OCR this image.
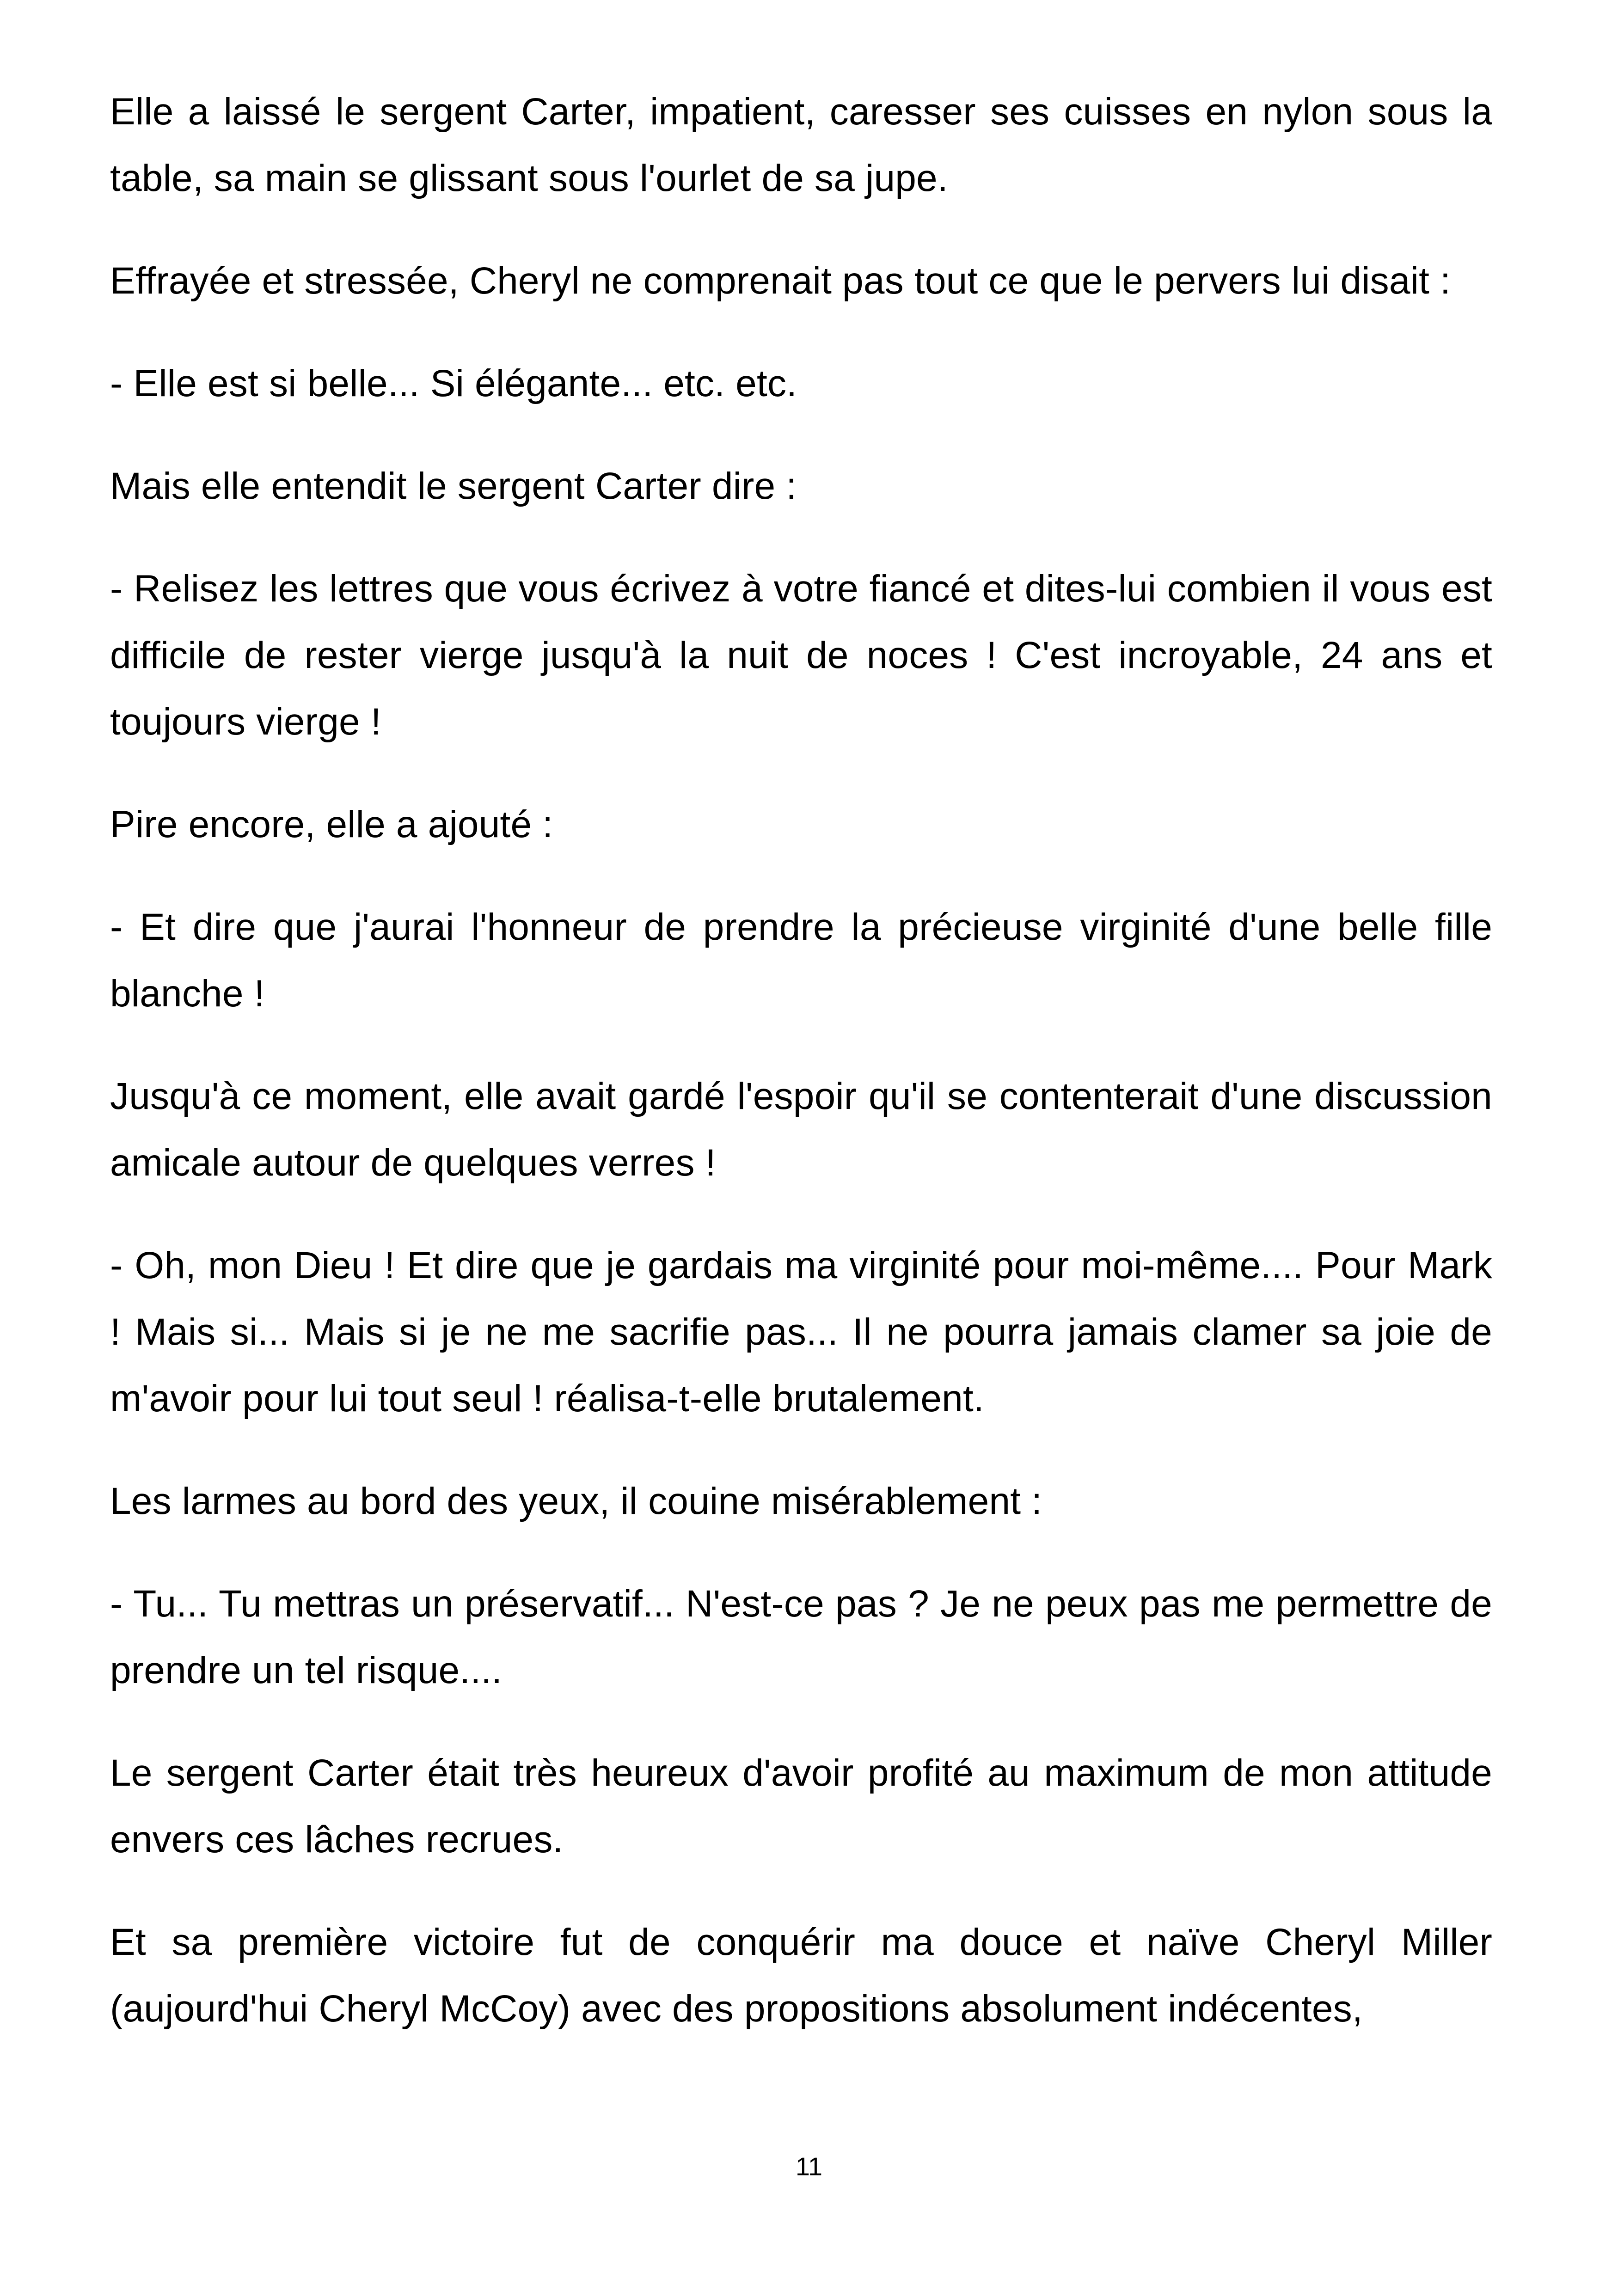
Elle a laissé le sergent Carter, impatient, caresser ses cuisses en nylon sous la table, sa main se glissant sous l'ourlet de sa jupe.

Effrayée et stressée, Cheryl ne comprenait pas tout ce que le pervers lui disait :

- Elle est si belle... Si élégante... etc. etc.

Mais elle entendit le sergent Carter dire :

- Relisez les lettres que vous écrivez à votre fiancé et dites-lui combien il vous est difficile de rester vierge jusqu'à la nuit de noces ! C'est incroyable, 24 ans et toujours vierge !

Pire encore, elle a ajouté :

- Et dire que j'aurai l'honneur de prendre la précieuse virginité d'une belle fille blanche !

Jusqu'à ce moment, elle avait gardé l'espoir qu'il se contenterait d'une discussion amicale autour de quelques verres !

- Oh, mon Dieu ! Et dire que je gardais ma virginité pour moi-même.... Pour Mark ! Mais si... Mais si je ne me sacrifie pas... Il ne pourra jamais clamer sa joie de m'avoir pour lui tout seul ! réalisa-t-elle brutalement.

Les larmes au bord des yeux, il couine misérablement :

- Tu... Tu mettras un préservatif... N'est-ce pas ? Je ne peux pas me permettre de prendre un tel risque....

Le sergent Carter était très heureux d'avoir profité au maximum de mon attitude envers ces lâches recrues.

Et sa première victoire fut de conquérir ma douce et naïve Cheryl Miller (aujourd'hui Cheryl McCoy) avec des propositions absolument indécentes,

11
